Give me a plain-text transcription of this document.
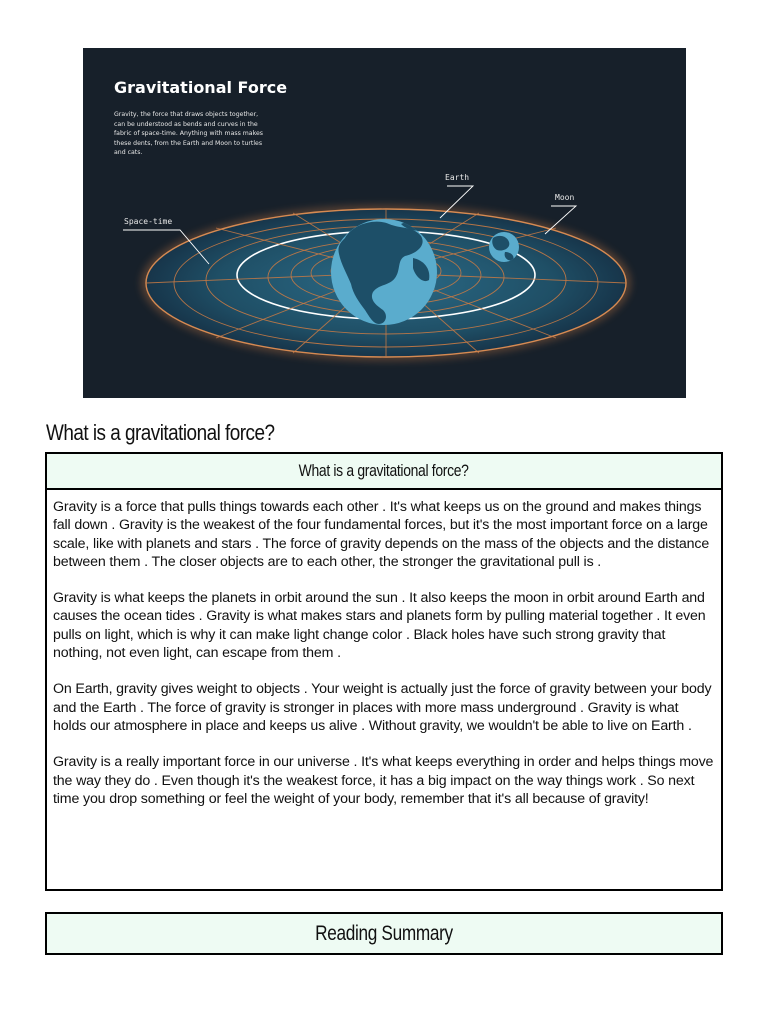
Gravitational Force

Gravity, the force that draws objects together, can be understood as bends and curves in the fabric of space-time. Anything with mass makes these dents, from the Earth and Moon to turtles and cats.

Earth
Moon
Space-time
What is a gravitational force?
What is a gravitational force?

Gravity is a force that pulls things towards each other . It's what keeps us on the ground and makes things fall down . Gravity is the weakest of the four fundamental forces, but it's the most important force on a large scale, like with planets and stars . The force of gravity depends on the mass of the objects and the distance between them . The closer objects are to each other, the stronger the gravitational pull is .

Gravity is what keeps the planets in orbit around the sun . It also keeps the moon in orbit around Earth and causes the ocean tides . Gravity is what makes stars and planets form by pulling material together . It even pulls on light, which is why it can make light change color . Black holes have such strong gravity that nothing, not even light, can escape from them .

On Earth, gravity gives weight to objects . Your weight is actually just the force of gravity between your body and the Earth . The force of gravity is stronger in places with more mass underground . Gravity is what holds our atmosphere in place and keeps us alive . Without gravity, we wouldn't be able to live on Earth .

Gravity is a really important force in our universe . It's what keeps everything in order and helps things move the way they do . Even though it's the weakest force, it has a big impact on the way things work . So next time you drop something or feel the weight of your body, remember that it's all because of gravity!

Reading Summary
